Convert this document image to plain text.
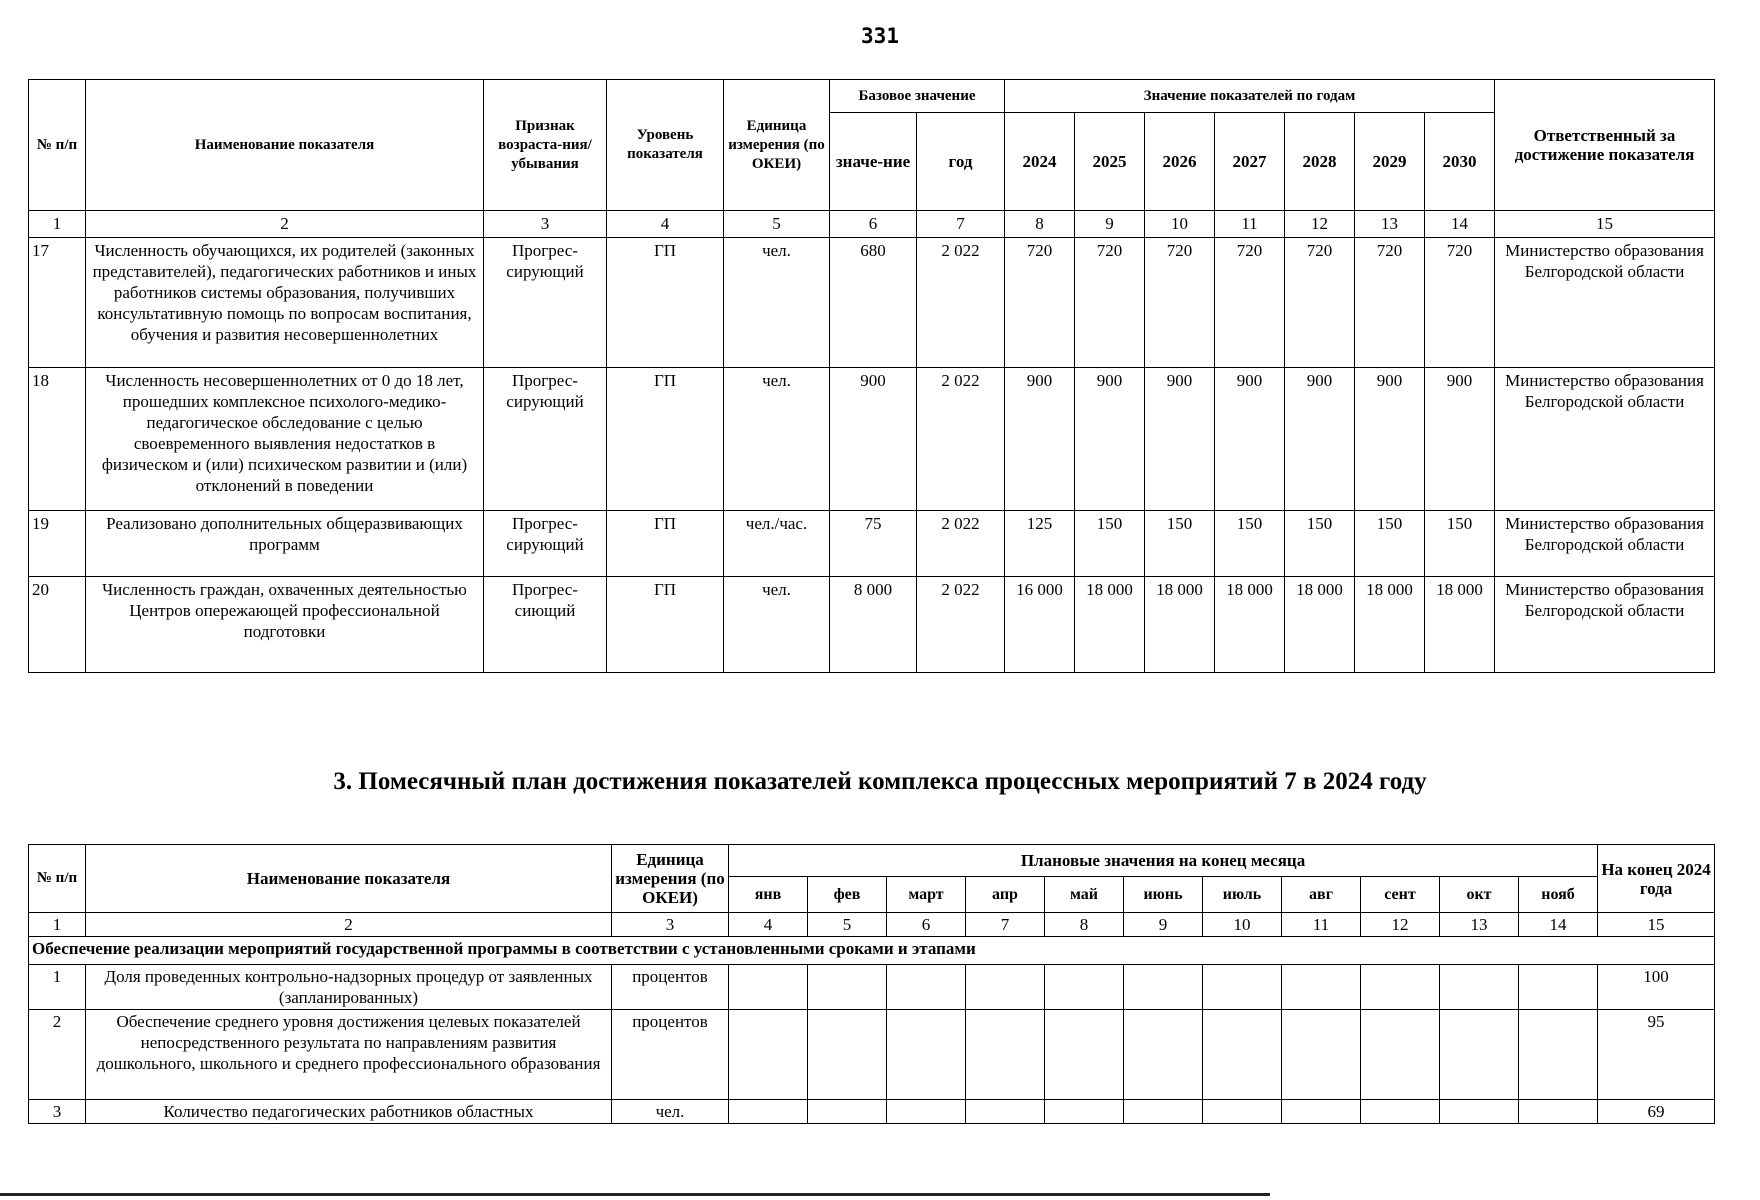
331
№ п/п	Наименование показателя	Признак возраста-ния/ убывания	Уровень показателя	Единица измерения (по ОКЕИ)	Базовое значение		Значение показателей по годам							Ответственный за достижение показателя
					значе-ние	год	2024	2025	2026	2027	2028	2029	2030	
1	2	3	4	5	6	7	8	9	10	11	12	13	14	15
17	Численность обучающихся, их родителей (законных представителей), педагогических работников и иных работников системы образования, получивших консультативную помощь по вопросам воспитания, обучения и развития несовершеннолетних	Прогрес-сирующий	ГП	чел.	680	2 022	720	720	720	720	720	720	720	Министерство образования Белгородской области
18	Численность несовершеннолетних от 0 до 18 лет, прошедших комплексное психолого-медико-педагогическое обследование с целью своевременного выявления недостатков в физическом и (или) психическом развитии и (или) отклонений в поведении	Прогрес-сирующий	ГП	чел.	900	2 022	900	900	900	900	900	900	900	Министерство образования Белгородской области
19	Реализовано дополнительных общеразвивающих программ	Прогрес-сирующий	ГП	чел./час.	75	2 022	125	150	150	150	150	150	150	Министерство образования Белгородской области
20	Численность граждан, охваченных деятельностью Центров опережающей профессиональной подготовки	Прогрес-сиющий	ГП	чел.	8 000	2 022	16 000	18 000	18 000	18 000	18 000	18 000	18 000	Министерство образования Белгородской области
3. Помесячный план достижения показателей комплекса процессных мероприятий 7 в 2024 году
№ п/п	Наименование показателя	Единица измерения (по ОКЕИ)	Плановые значения на конец месяца											На конец 2024 года
			янв	фев	март	апр	май	июнь	июль	авг	сент	окт	нояб	
1	2	3	4	5	6	7	8	9	10	11	12	13	14	15
Обеспечение реализации мероприятий государственной программы в соответствии с установленными сроками и этапами														
1	Доля проведенных контрольно-надзорных процедур от заявленных (запланированных)	процентов												100
2	Обеспечение среднего уровня достижения целевых показателей непосредственного результата по направлениям развития дошкольного, школьного и среднего профессионального образования	процентов												95
3	Количество педагогических работников областных	чел.												69
